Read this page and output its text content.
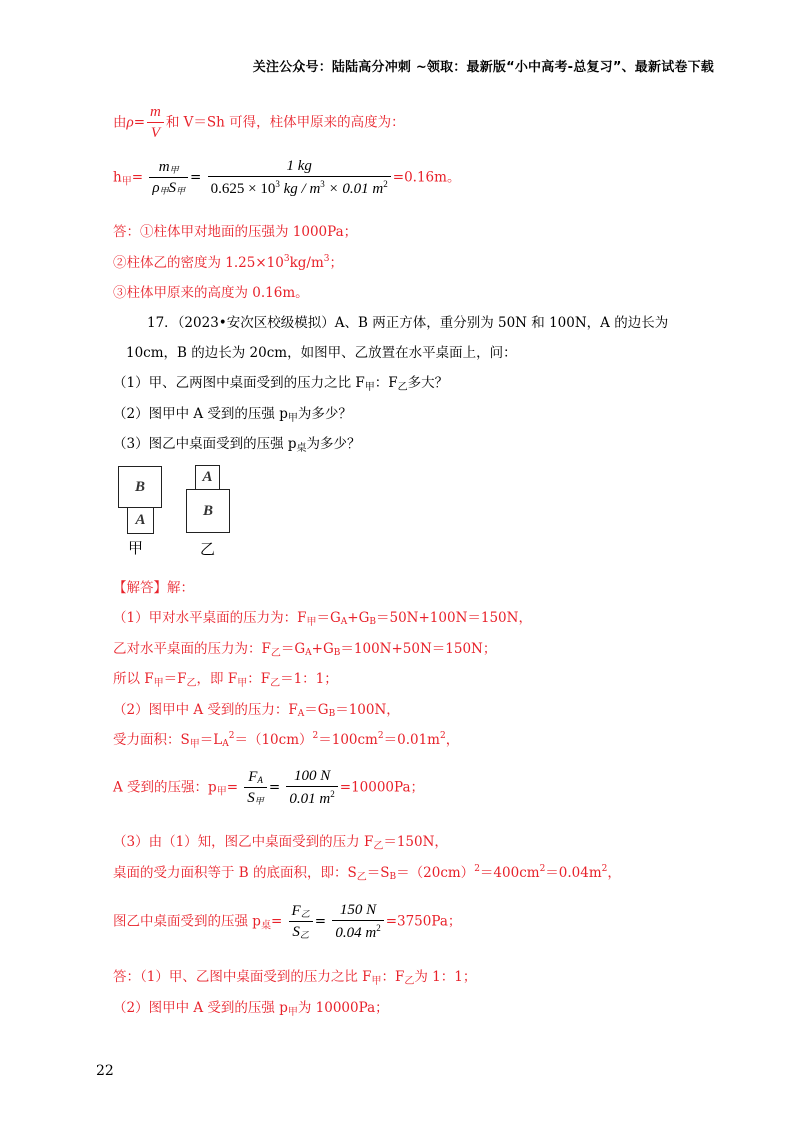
关注公众号：陆陆高分冲刺 ~领取：最新版“小中高考-总复习”、最新试卷下载
由$\rho= \frac{m}{V}$ 和 V＝Sh 可得，柱体甲原来的高度为：
$h_甲= \frac{m_甲}{\rho_甲S_甲} = \frac{1 kg}{0.625 \times 10^3 kg / m^3 \times 0.01 m^2} =0.16m$。
答：①柱体甲对地面的压强为 1000Pa；
②柱体乙的密度为 $1.25\times 10^3kg/m^3$；
③柱体甲原来的高度为 0.16m。
17．（2023•安次区校级模拟）A、B 两正方体，重分别为 50N 和 100N，A 的边长为
10cm，B 的边长为 20cm，如图甲、乙放置在水平桌面上，问：
（1）甲、乙两图中桌面受到的压力之比 $F_甲$：$F_乙$多大？
（2）图甲中 A 受到的压强 $p_甲$为多少？
（3）图乙中桌面受到的压强 $p_桌$为多少？
B
A
甲
A
B
乙
【解答】解：
（1）甲对水平桌面的压力为：$F_甲=G_A+G_B=50N+100N=150N$，
乙对水平桌面的压力为：$F_乙=G_A+G_B=100N+50N=150N$；
所以 $F_甲=F_乙$，即 $F_甲$：$F_乙=1$：1；
（2）图甲中 A 受到的压力：$F_A=G_B=100N$，
受力面积：$S_甲=L_A^2=(10cm)^2=100cm^2=0.01m^2$，
A 受到的压强：$p_甲= \frac{F_A}{S_甲} = \frac{100 N}{0.01 m^2} =10000Pa$；
（3）由（1）知，图乙中桌面受到的压力 $F_乙=150N$，
桌面的受力面积等于 B 的底面积，即：$S_乙=S_B=(20cm)^2=400cm^2=0.04m^2$，
图乙中桌面受到的压强 $p_桌= \frac{F_乙}{S_乙} = \frac{150 N}{0.04 m^2} =3750Pa$；
答：（1）甲、乙图中桌面受到的压力之比 $F_甲$：$F_乙$为 1：1；
（2）图甲中 A 受到的压强 $p_甲$为 10000Pa；
22
